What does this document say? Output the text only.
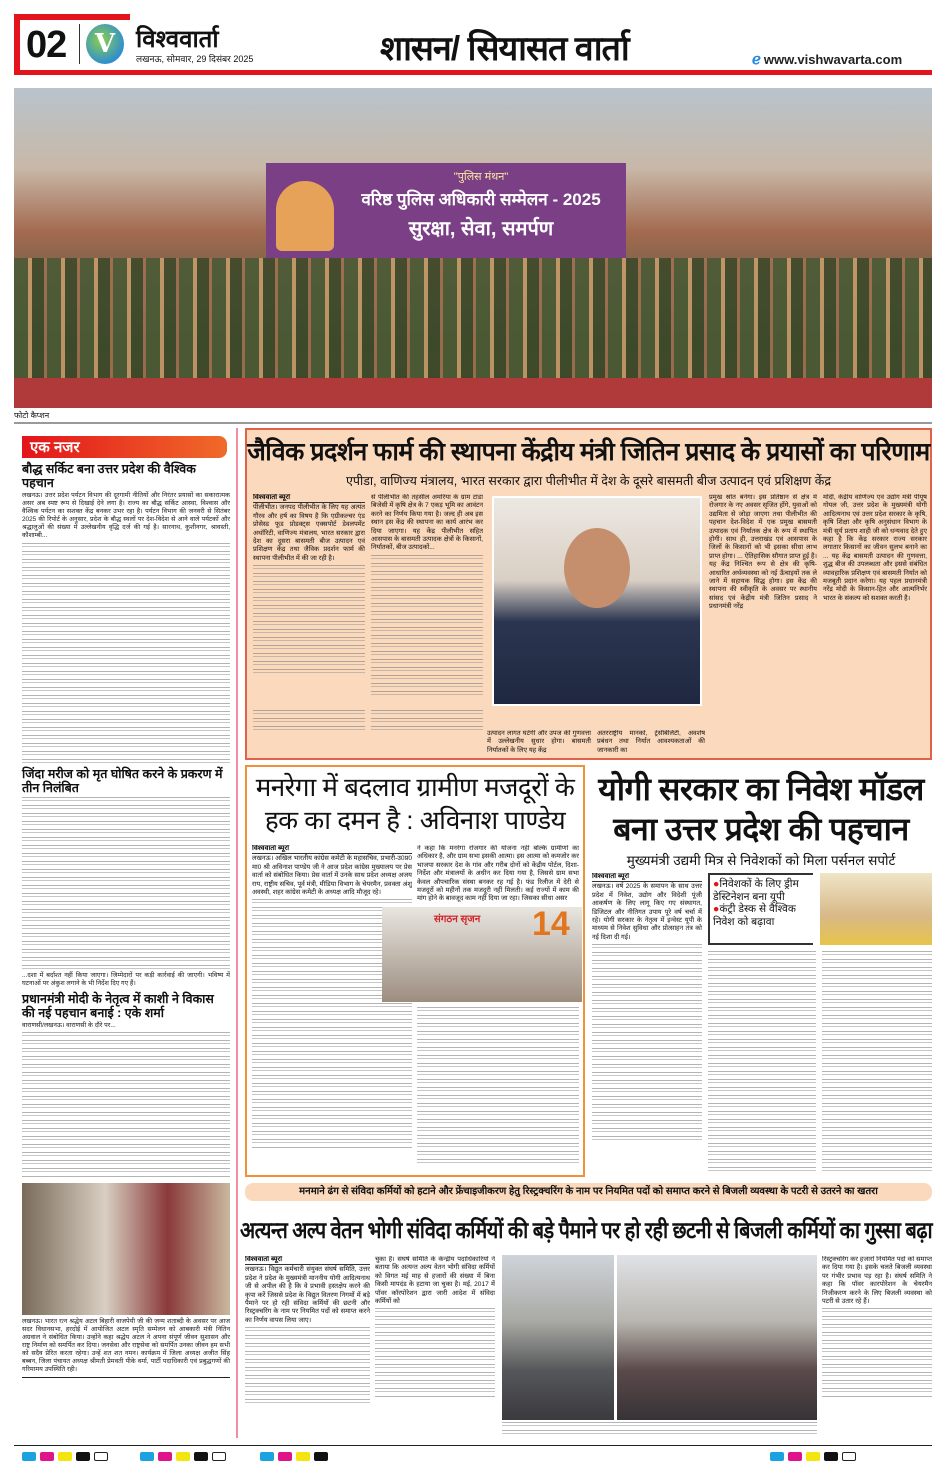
02	V विश्ववार्ता
लखनऊ, सोमवार, 29 दिसंबर 2025	शासन/ सियासत वार्ता	ℯ www.vishwavarta.com
"पुलिस मंथन"
वरिष्ठ पुलिस अधिकारी सम्मेलन - 2025
सुरक्षा, सेवा, समर्पण
फोटो कैप्शन
एक नजर
बौद्ध सर्किट बना उत्तर प्रदेश की वैश्विक पहचान
लखनऊ। उत्तर प्रदेश पर्यटन विभाग की दूरगामी नीतियों और निरंतर प्रयासों का सकारात्मक असर अब स्पष्ट रूप से दिखाई देने लगा है। राज्य का बौद्ध सर्किट आस्था, विश्वास और वैश्विक पर्यटन का सशक्त केंद्र बनकर उभर रहा है। पर्यटन विभाग की जनवरी से सितंबर 2025 की रिपोर्ट के अनुसार, प्रदेश के बौद्ध स्थलों पर देश-विदेश से आने वाले पर्यटकों और श्रद्धालुओं की संख्या में उल्लेखनीय वृद्धि दर्ज की गई है। सारनाथ, कुशीनगर, श्रावस्ती, कौशाम्बी...
जिंदा मरीज को मृत घोषित करने के प्रकरण में तीन निलंबित
...दशा में बर्दाश्त नहीं किया जाएगा। जिम्मेदारों पर कड़ी कार्रवाई की जाएगी। भविष्य में घटनाओं पर अंकुश लगाने के भी निर्देश दिए गए हैं।
प्रधानमंत्री मोदी के नेतृत्व में काशी ने विकास की नई पहचान बनाई : एके शर्मा
वाराणसी/लखनऊ। वाराणसी के दौरे पर...
लखनऊ। भारत रत्न श्रद्धेय अटल बिहारी वाजपेयी जी की जन्म शताब्दी के अवसर पर आज सदर विधानसभा, हरदोई में आयोजित अटल स्मृति सम्मेलन को आबकारी मंत्री नितिन अग्रवाल ने संबोधित किया। उन्होंने कहा श्रद्धेय अटल ने अपना संपूर्ण जीवन सुशासन और राष्ट्र निर्माण को समर्पित कर दिया। जनसेवा और राष्ट्रसेवा को समर्पित उनका जीवन हम सभी को सदैव प्रेरित करता रहेगा। उन्हें शत शत नमन। कार्यक्रम में जिला अध्यक्ष अजीत सिंह बब्बन, जिला पंचायत अध्यक्ष श्रीमती प्रेमवती पीके वर्मा, पार्टी पदाधिकारी एवं प्रबुद्धगणों की गरिमामय उपस्थिति रही।
जैविक प्रदर्शन फार्म की स्थापना केंद्रीय मंत्री जितिन प्रसाद के प्रयासों का परिणाम
एपीडा, वाणिज्य मंत्रालय, भारत सरकार द्वारा पीलीभीत में देश के दूसरे बासमती बीज उत्पादन एवं प्रशिक्षण केंद्र
विश्ववार्ता ब्यूरो
पीलीभीत। जनपद पीलीभीत के लिए यह अत्यंत गौरव और हर्ष का विषय है कि एग्रीकल्चर एंड प्रोसेस्ड फूड प्रोडक्ट्स एक्सपोर्ट डेवलपमेंट अथॉरिटी, वाणिज्य मंत्रालय, भारत सरकार द्वारा देश का दूसरा बासमती बीज उत्पादन एवं प्रशिक्षण केंद्र तथा जैविक प्रदर्शन फार्म की स्थापना पीलीभीत में की जा रही है।
से पीलीभीत की तहसील अमरिया के ग्राम टांडा बिजेसी में कृषि क्षेत्र के 7 एकड़ भूमि का आवंटन करने का निर्णय किया गया है। जल्द ही अब इस स्थान इस केंद्र की स्थापना का कार्य आरंभ कर दिया जाएगा। यह केंद्र पीलीभीत सहित आसपास के बासमती उत्पादक क्षेत्रों के किसानों, निर्यातकों, बीज उत्पादकों...
प्रमुख स्रोत बनेगा। इस प्रतिष्ठान से क्षेत्र में रोजगार के नए अवसर सृजित होंगे, युवाओं को उद्यमिता से जोड़ा जाएगा तथा पीलीभीत की पहचान देश-विदेश में एक प्रमुख बासमती उत्पादक एवं निर्यातक क्षेत्र के रूप में स्थापित होगी। साथ ही, उत्तराखंड एवं आसपास के जिलों के किसानों को भी इसका सीधा लाभ प्राप्त होगा। ... ऐतिहासिक सौगात प्राप्त हुई है। यह केंद्र निश्चित रूप से क्षेत्र की कृषि-आधारित अर्थव्यवस्था को नई ऊँचाइयों तक ले जाने में सहायक सिद्ध होगा। इस केंद्र की स्थापना की स्वीकृति के अवसर पर स्थानीय सांसद एवं केंद्रीय मंत्री जितिन प्रसाद ने प्रधानमंत्री नरेंद्र
मोदी, केंद्रीय वाणिज्य एवं उद्योग मंत्री पीयूष गोयल जी, उत्तर प्रदेश के मुख्यमंत्री योगी आदित्यनाथ एवं उत्तर प्रदेश सरकार के कृषि, कृषि शिक्षा और कृषि अनुसंधान विभाग के मंत्री सूर्य प्रताप शाही जी को धन्यवाद देते हुए कहा है कि केंद्र सरकार राज्य सरकार लगातार किसानों का जीवन सुलभ बनाने का ... यह केंद्र बासमती उत्पादन की गुणवत्ता, शुद्ध बीज की उपलब्धता और इससे संबंधित व्यावहारिक प्रशिक्षण एवं बासमती निर्यात को मजबूती प्रदान करेगा। यह पहल प्रधानमंत्री नरेंद्र मोदी के किसान-हित और आत्मनिर्भर भारत के संकल्प को सशक्त करती है।
उत्पादन लागत घटेगी और उपज की गुणवत्ता में उल्लेखनीय सुधार होगा। बासमती निर्यातकों के लिए यह केंद्र
अंतरराष्ट्रीय मानकों, ट्रेसेबिलिटी, अवशेष प्रबंधन तथा निर्यात आवश्यकताओं की जानकारी का
मनरेगा में बदलाव ग्रामीण मजदूरों के हक का दमन है : अविनाश पाण्डेय
विश्ववार्ता ब्यूरो
लखनऊ। अखिल भारतीय कांग्रेस कमेटी के महासचिव, प्रभारी-उ0प्र0 मा0 श्री अविनाश पाण्डेय जी ने आज प्रदेश कांग्रेस मुख्यालय पर प्रेस वार्ता को संबोधित किया। प्रेस वार्ता में उनके साथ प्रदेश अध्यक्ष अजय राय, राष्ट्रीय सचिव, पूर्व मंत्री, मीडिया विभाग के चेयरमैन, प्रवक्ता अंशु अवस्थी, शहर कांग्रेस कमेटी के अध्यक्ष आदि मौजूद रहे।
ने कहा कि मनरेगा रोजगार की योजना नहीं बल्कि ग्रामीणों का अधिकार है, और ग्राम सभा इसकी आत्मा। इस आत्मा को कमजोर कर भाजपा सरकार देश के गांव और गरीब दोनों को केंद्रीय पोर्टल, दिशा-निर्देश और मंत्रालयों के अधीन कर दिया गया है, जिससे ग्राम सभा केवल औपचारिक संस्था बनकर रह गई है। फंड रिलीज में देरी से मजदूरों को महीनों तक मजदूरी नहीं मिलती। कई राज्यों में काम की मांग होने के बावजूद काम नहीं दिया जा रहा। जिसका सीधा असर
संगठन सृजन 14
योगी सरकार का निवेश मॉडल बना उत्तर प्रदेश की पहचान
मुख्यमंत्री उद्यमी मित्र से निवेशकों को मिला पर्सनल सपोर्ट
विश्ववार्ता ब्यूरो
लखनऊ। वर्ष 2025 के समापन के साथ उत्तर प्रदेश में निवेश, उद्योग और विदेशी पूंजी आकर्षण के लिए लागू किए गए संस्थागत, डिजिटल और नीतिगत उपाय पूरे वर्ष चर्चा में रहे। योगी सरकार के नेतृत्व में इन्वेस्ट यूपी के माध्यम से निवेश सुविधा और प्रोत्साहन तंत्र को नई दिशा दी गई।
●निवेशकों के लिए ड्रीम डेस्टिनेशन बना यूपी
●कंट्री डेस्क से वैश्विक निवेश को बढ़ावा
मनमाने ढंग से संविदा कर्मियों को हटाने और फ्रेंचाइजीकरण हेतु रिस्ट्रक्चरिंग के नाम पर नियमित पदों को समाप्त करने से बिजली व्यवस्था के पटरी से उतरने का खतरा
अत्यन्त अल्प वेतन भोगी संविदा कर्मियों की बड़े पैमाने पर हो रही छटनी से बिजली कर्मियों का गुस्सा बढ़ा
विश्ववार्ता ब्यूरो
लखनऊ। विद्युत कर्मचारी संयुक्त संघर्ष समिति, उत्तर प्रदेश ने प्रदेश के मुख्यमंत्री माननीय योगी आदित्यनाथ जी से अपील की है कि वे प्रभावी हस्तक्षेप करने की कृपा करें जिससे प्रदेश के विद्युत वितरण निगमों में बड़े पैमाने पर हो रही संविदा कर्मियों की छटनी और रिस्ट्रक्चरिंग के नाम पर नियमित पदों को समाप्त करने का निर्णय वापस लिया जाए।
चुका है। संघर्ष समिति के केन्द्रीय पदाधिकारियों ने बताया कि अत्यन्त अल्प वेतन भोगी संविदा कर्मियों को विगत मई माह से हजारों की संख्या में बिना किसी मापदंड के हटाया जा चुका है। मई, 2017 में पॉवर कॉरपोरेशन द्वारा जारी आदेश में संविदा कर्मियों को
रिस्ट्रक्चरिंग कर हजारों नियमित पदों को समाप्त कर दिया गया है। इसके चलते बिजली व्यवस्था पर गंभीर प्रभाव पड़ रहा है। संघर्ष समिति ने कहा कि पॉवर कारपोरेशन के चेयरमैन निजीकरण करने के लिए बिजली व्यवस्था को पटरी से उतार रहे हैं।
